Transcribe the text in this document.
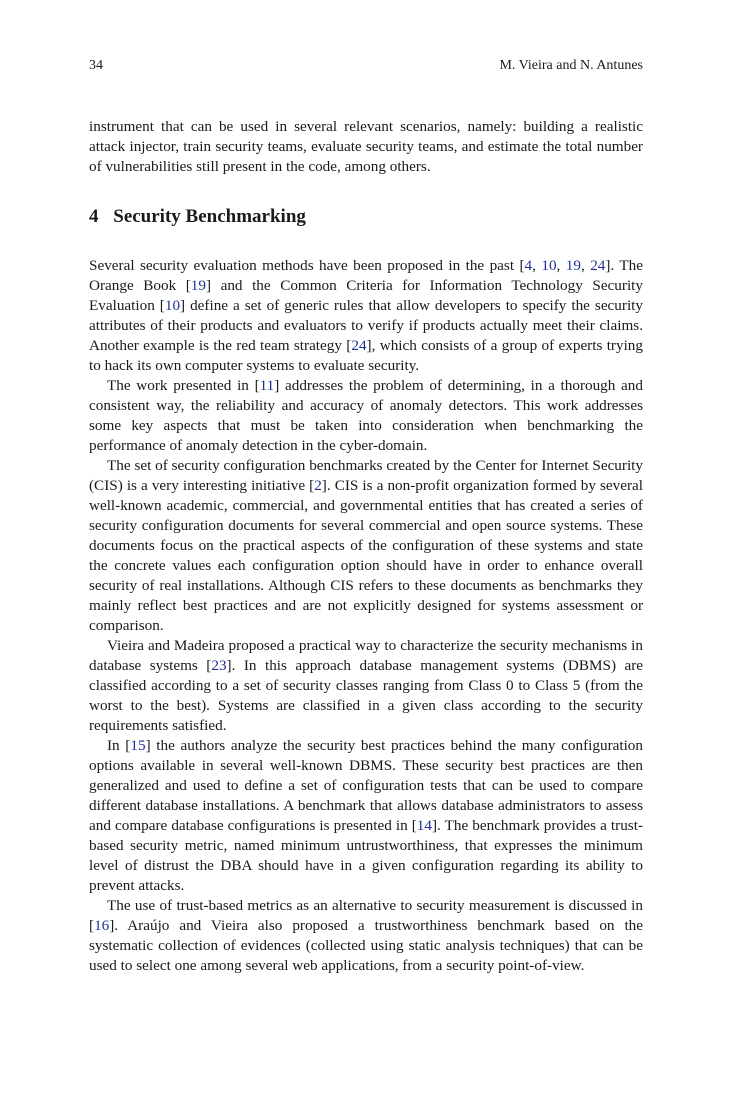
34	M. Vieira and N. Antunes

instrument that can be used in several relevant scenarios, namely: building a realistic attack injector, train security teams, evaluate security teams, and estimate the total number of vulnerabilities still present in the code, among others.

4 Security Benchmarking

Several security evaluation methods have been proposed in the past [4, 10, 19, 24]. The Orange Book [19] and the Common Criteria for Information Technology Security Evaluation [10] define a set of generic rules that allow developers to specify the security attributes of their products and evaluators to verify if products actually meet their claims. Another example is the red team strategy [24], which consists of a group of experts trying to hack its own computer systems to evaluate security.

The work presented in [11] addresses the problem of determining, in a thorough and consistent way, the reliability and accuracy of anomaly detectors. This work addresses some key aspects that must be taken into consideration when benchmarking the performance of anomaly detection in the cyber-domain.

The set of security configuration benchmarks created by the Center for Internet Security (CIS) is a very interesting initiative [2]. CIS is a non-profit organization formed by several well-known academic, commercial, and governmental entities that has created a series of security configuration documents for several commercial and open source systems. These documents focus on the practical aspects of the configuration of these systems and state the concrete values each configuration option should have in order to enhance overall security of real installations. Although CIS refers to these documents as benchmarks they mainly reflect best practices and are not explicitly designed for systems assessment or comparison.

Vieira and Madeira proposed a practical way to characterize the security mechanisms in database systems [23]. In this approach database management systems (DBMS) are classified according to a set of security classes ranging from Class 0 to Class 5 (from the worst to the best). Systems are classified in a given class according to the security requirements satisfied.

In [15] the authors analyze the security best practices behind the many configuration options available in several well-known DBMS. These security best practices are then generalized and used to define a set of configuration tests that can be used to compare different database installations. A benchmark that allows database administrators to assess and compare database configurations is presented in [14]. The benchmark provides a trust-based security metric, named minimum untrustworthiness, that expresses the minimum level of distrust the DBA should have in a given configuration regarding its ability to prevent attacks.

The use of trust-based metrics as an alternative to security measurement is discussed in [16]. Araújo and Vieira also proposed a trustworthiness benchmark based on the systematic collection of evidences (collected using static analysis techniques) that can be used to select one among several web applications, from a security point-of-view.
